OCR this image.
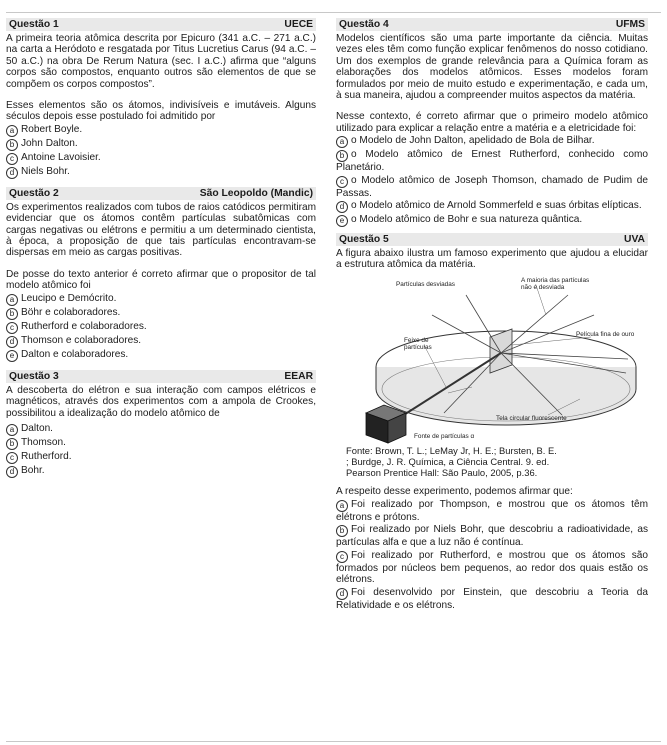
Questão 1	UECE

A primeira teoria atômica descrita por Epicuro (341 a.C. – 271 a.C.) na carta a Heródoto e resgatada por Titus Lucretius Carus (94 a.C. – 50 a.C.) na obra De Rerum Natura (sec. I a.C.) afirma que “alguns corpos são compostos, enquanto outros são elementos de que se compõem os corpos compostos”.

Esses elementos são os átomos, indivisíveis e imutáveis. Alguns séculos depois esse postulado foi admitido por

a Robert Boyle.
b John Dalton.
c Antoine Lavoisier.
d Niels Bohr.
Questão 2	São Leopoldo (Mandic)

Os experimentos realizados com tubos de raios catódicos permitiram evidenciar que os átomos contêm partículas subatômicas com cargas negativas ou elétrons e permitiu a um determinado cientista, à época, a proposição de que tais partículas encontravam-se dispersas em meio as cargas positivas.

De posse do texto anterior é correto afirmar que o propositor de tal modelo atômico foi

a Leucipo e Demócrito.
b Böhr e colaboradores.
c Rutherford e colaboradores.
d Thomson e colaboradores.
e Dalton e colaboradores.
Questão 3	EEAR

A descoberta do elétron e sua interação com campos elétricos e magnéticos, através dos experimentos com a ampola de Crookes, possibilitou a idealização do modelo atômico de

a Dalton.
b Thomson.
c Rutherford.
d Bohr.
Questão 4	UFMS

Modelos científicos são uma parte importante da ciência. Muitas vezes eles têm como função explicar fenômenos do nosso cotidiano. Um dos exemplos de grande relevância para a Química foram as elaborações dos modelos atômicos. Esses modelos foram formulados por meio de muito estudo e experimentação, e cada um, à sua maneira, ajudou a compreender muitos aspectos da matéria.

Nesse contexto, é correto afirmar que o primeiro modelo atômico utilizado para explicar a relação entre a matéria e a eletricidade foi:

a o Modelo de John Dalton, apelidado de Bola de Bilhar.
b o Modelo atômico de Ernest Rutherford, conhecido como Planetário.
c o Modelo atômico de Joseph Thomson, chamado de Pudim de Passas.
d o Modelo atômico de Arnold Sommerfeld e suas órbitas elípticas.
e o Modelo atômico de Bohr e sua natureza quântica.
Questão 5	UVA

A figura abaixo ilustra um famoso experimento que ajudou a elucidar a estrutura atômica da matéria.

Partículas desviadas
A maioria das partículas não é desviada
Feixe de partículas
Película fina de ouro
Tela circular fluorescente
Fonte de partículas α

Fonte: Brown, T. L.; LeMay Jr, H. E.; Bursten, B. E.

; Burdge, J. R. Química, a Ciência Central. 9. ed.

Pearson Prentice Hall: São Paulo, 2005, p.36.

A respeito desse experimento, podemos afirmar que:

a Foi realizado por Thompson, e mostrou que os átomos têm elétrons e prótons.
b Foi realizado por Niels Bohr, que descobriu a radioatividade, as partículas alfa e que a luz não é contínua.
c Foi realizado por Rutherford, e mostrou que os átomos são formados por núcleos bem pequenos, ao redor dos quais estão os elétrons.
d Foi desenvolvido por Einstein, que descobriu a Teoria da Relatividade e os elétrons.
